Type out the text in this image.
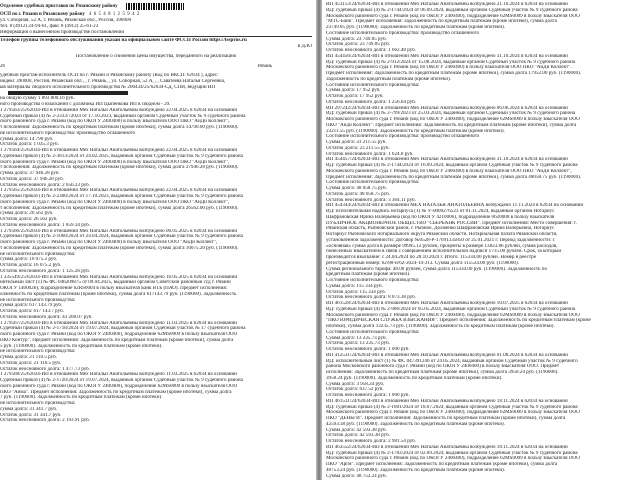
Отделение судебных приставов по Рязанскому району
ОСП по г. Рязани и Рязанскому району 4 6 5 4 8 1 2 5 9 4 2

ул. Соборная, 52 А, г. Рязань, Рязанская обл., Россия, 390000

тел. 8 (4912) 24-94-61, факс 8 (4912) 25-61-23

Информация о вынесенном производстве постановлении

Телефон группы телефонного обслуживания указан на официальном сайте ФССП России https://fssprus.ru

в ДЛО

Постановление о снижении цены имущества, переданного на реализацию

26	Рязань

удебный пристав-исполнитель ОСП по г. Рязани и Рязанскому району (Код по ВКСП: 62034 ), адрес:

индекс 390000, Россия, Рязанская обл., , г. Рязань, , ул. Соборная, 52 А, , , Саватеева Наталья Сергеевна,

ыв материалы сводного исполнительного производства № 200434/25/62034-СД, СПИ, ведущий ИП

на общую сумму 1 893 800.16 руб.

ного производства о взыскании с должника ИП Цыпенкова ИП в сводном - 29.

1 279563/25/62034-ИП в отношении Мех Натальи Анатольевны возбуждено 22.04.2025 в 62034 на основании

Судебный приказ (4) № 2-2333/72024 от 17.10.2023, выданный органом Судебный участок № 9 судебного района

ского районного суда г. Рязани (код по ОКОГУ 2400400) в пользу взыскателя ООО ПКО "АйДи Коллект",

т исполнения: Задолженность по кредитным платежам (кроме ипотеки), сумма долга 14790.00 руб. (1190000).

ие исполнительного производства: производство оглашенного

сумма долга: 14 790 руб.

Остаток долга: 1 035.3 руб.

1 279564/25/62034-ИП в отношении Мех Натальи Анатольевны возбуждено 22.04.2025 в 62034 на основании

Судебный приказ (4) № 2-3813/2024 от 24.02.2025, выданный органом Судебный участок № 9 судебного района

ского районного суда г. Рязани (код по ОКОГУ 2400400) в пользу взыскателя ООО ПКО "АйДи Коллект",

т исполнения: Задолженность по кредитным платежам (кроме ипотеки), сумма долга 37946.28 руб. (1190000).

сумма долга: 37 946.28 руб.

Остаток долга: 37 946.28 руб.

Остаток неосновного долга: 2 656.23 руб.

1 279565/25/62034-ИП в отношении Мех Натальи Анатольевны возбуждено 22.04.2025 в 62034 на основании

Судебный приказ (4) № 2-2300/2024 от 17.10.2023, выданный органом Судебный участок № 9 судебного района

ского районного суда г. Рязани (код по ОКОГУ 2400400) в пользу взыскателя ООО ПКО "АйДи Коллект",

т исполнения: Задолженность по кредитным платежам (кроме ипотеки), сумма долга 26562.00 руб. (1190000).

сумма долга: 26 562 руб.

Остаток долга: 26 562 руб.

Остаток неосновного долга: 1 859.34 руб.

1 279566/25/62034-ИП в отношении Мех Натальи Анатольевны возбуждено 06.05.2025 в 62034 на основании

Судебный приказ (4) № 2-1060/2024 от 24.04.2024, выданный органом Судебный участок № 9 судебного района

ского районного суда г. Рязани (код по ОКОГУ 2400400) в пользу взыскателя ООО "АйДи Коллект",

т исполнения: Задолженность по кредитным платежам (кроме ипотеки), сумма долга 16075.20 руб. (1190000).

ие исполнительного производства:

сумма долга: 16 075.2 руб.

Остаток долга: 16 075.2 руб.

Остаток неосновного долга: 1 125.26 руб.

1 335549/25/62034-ИП в отношении Мех Натальи Анатольевны возбуждено 16.05.2025 в 62034 на основании

нительный лист (1) № ФС 046209875 от 09.04.2025, выданный органом Советский районный суд г. Рязани

ОКОГУ 1400026), подразделение 62RS0004 в пользу взыскателя Банк ВТБ (ПАО). Предмет исполнения:

олженность по кредитным платежам (кроме ипотеки), сумма долга 617143.79 руб. (1190000). Задолженность

ие исполнительного производства:

сумма долга: 617 143.79 руб.

Остаток долга: 617 143.7 руб.

Остаток неосновного долга: 43 200.07 руб.

1 279567/25/62034-ИП в отношении Мех Натальи Анатольевны возбуждено 11.03.2025 в 62034 на основании

Судебный приказ (4) № 2-1718/2024 от 19.07.2024, выданный органом Судебный участок № 17 судебного района

ского районного суда г. Рязани (код по ОКОГУ 2400400), подразделение 62MS0009 в пользу взыскателя ООО

ПКО Контур". Предмет исполнения: Задолженность по кредитным платежам (кроме ипотеки), сумма долга

5 руб. (1190000). Задолженность по кредитным платежам (кроме ипотеки).

ие исполнительного производства:

сумма долга: 21 110.5 руб.

Остаток долга: 21 110.5 руб.

Остаток неосновного долга: 1 477.73 руб.

1 279568/25/62034-ИП в отношении Мех Натальи Анатольевны возбуждено 11.03.2025 в 62034 на основании

Судебный приказ (4) № 2-1720/2024 от 19.07.2024, выданный органом Судебный участок № 9 судебного района

ского районного суда г. Рязани (код по ОКОГУ 2400400), подразделение 62MS0009 в пользу взыскателя ООО

ПКО "Айма". Предмет исполнения: Задолженность по кредитным платежам (кроме ипотеки), сумма долга

7 руб. (1190000). Задолженность по кредитным платежам (кроме ипотеки).

ие исполнительного производства:

сумма долга: 31 341.7 руб.

Остаток долга: 31 341.7 руб.

Остаток неосновного долга: 2 193.91 руб.

ИП 453153/24/62034-ИП в отношении Мех Натальи Анатольевны возбуждено 21.10.2024 в 62034 на основании

ИД: судебный приказ (4) № 2-1744/2024 от 06.09.2024, выданный органом Судебный участок № 9 судебного района

Московского районного суда г. Рязани (код по ОКОГУ 2400400), подразделение 62MS0009 в пользу взыскателя ООО

"МТС-Банк". Предмет исполнения: Задолженность по кредитным платежам (кроме ипотеки), сумма долга

23749.85 руб. (1190000). Задолженность по кредитным платежам (кроме ипотеки).

Состояние исполнительного производства: производство оглашенного

Сумма долга: 23 749.85 руб.

Остаток долга: 23 749.85 руб.

Остаток неосновного долга: 1 662.48 руб.

ИП 454456/24/62034-ИП в отношении Мех Натальи Анатольевны возбуждено 31.10.2024 в 62034 на основании

ИД: судебный приказ (4) № 2-912/2024 от 15.08.2024, выданный органом Судебный участок № 9 судебного района

Московского районного суда г. Рязани (код по ОКОГУ 2400400) в пользу взыскателя ООО ПКО "АйДи Коллект".

Предмет исполнения: Задолженность по кредитным платежам (кроме ипотеки), сумма долга 17952.00 руб. (1190000).

Задолженность по кредитным платежам (кроме ипотеки).

Состояние исполнительного производства:

Сумма долга: 17 952 руб.

Остаток долга: 17 952 руб.

Остаток неосновного долга: 1 256.64 руб.

ИП 297242/24/62034-ИП в отношении Мех Натальи Анатольевны возбуждено 06.06.2024 в 62034 на основании

ИД: судебный приказ (4) № 2-799/2023 от 25.03.2024, выданный органом Судебный участок № 9 судебного района

Московского районного суда г. Рязани (код по ОКОГУ 2400400), подразделение 62MS0009 в пользу взыскателя ООО

ПКО "Айди Коллект". Предмет исполнения: Задолженность по кредитным платежам (кроме ипотеки), сумма долга

23211.55 руб. (1190000). Задолженность по кредитным платежам (кроме ипотеки).

Состояние исполнительного производства: производство оглашенного

Сумма долга: 23 211.55 руб.

Остаток долга: 23 211.55 руб.

Остаток неосновного долга: 1 624.8 руб.

ИП 454457/24/62034-ИП в отношении Мех Натальи Анатольевны возбуждено 31.10.2024 в 62034 на основании

ИД: судебный приказ (4) № 2-1744/2024 от 16.09.2024, выданный органом Судебный участок № 9 судебного района

Московского районного суда г. Рязани (код по ОКОГУ 2400400) в пользу взыскателя ООО ПКО "АйДи Коллект",

Предмет исполнения: Задолженность по кредитным платежам (кроме ипотеки), сумма долга 48058.75 руб. (1190000).

Состояние исполнительного производства:

Сумма долга: 48 058.75 руб.

Остаток долга: 48 058.75 руб.

Остаток неосновного долга: 3 364.11 руб.

ИП 454344/24/62034-ИП в отношении МЕХ НАТАЛЬЯ АНАТОЛЬЕВНА возбуждено 11.11.2024 в 62034 на основании

ИД: исполнительная надпись нотариуса (1) № У-0000276523 от 01.11.2024, выданный органом Нотариус

Шафрановская Ирина Валерьевна (код по ОКОГУ 4210006), подразделение 0620008 в пользу взыскателя

ПУБЛИЧНОЕ АКЦИОНЕРНОЕ ОБЩЕСТВО "СБЕРБАНК РОССИИ". Предмет исполнения: Место совершения: г.

Рязанская область, Рыбновский район, г. Рыбное, Долженко Шафрановская Ирина Валерьевна, Нотариус

Нотариус Рыбновского нотариального округа Рязанской области. Нотариальная палата Рязанской области,

установленной задолженности: Договор №0528-Р-17691335850 от 25.01.2021 г. Период задолженности: с

«основная» сумма долга в размере 99995.12 рублей, проценты в размере 13823.86 рублей, сумма расходов,

понесённых взыскателем в связи с совершением исполнительной надписи 1715.00 рублей. Срок, за который

производится взыскание: с 24.04.2024 по 28.10.2024 г. Итого: 115334.00 рублей. Номер в реестре

регистрационный номер: 62/80-н/62-2024-14-313. Сумма долга 115534.00 руб. (1190000).

Сумма регионального тарифа: 48.00 рублей, сумма долга 115334.00 руб. (1190000). Задолженность по

кредитным платежам (кроме ипотеки).

Состояние исполнительного производства:

Сумма долга: 115 334 руб.

Остаток долга: 115 334 руб.

Остаток неосновного долга: 8 073.38 руб.

ИП 461528/24/62034-ИП в отношении Мех Натальи Анатольевны возбуждено 10.07.2025 в 62034 на основании

ИД: судебный приказ (4) № 2-906/2024 от 05.05.2024, выданный органом Судебный участок № 9 судебного района

Московского районного суда г. Рязани (код по ОКОГУ 2400400), подразделение 62MS0009 в пользу взыскателя ООО

"ПКО ЮРИДИЧЕСКАЯ СЛУЖБА ВЗЫСКАНИЯ". Предмет исполнения: Задолженность по кредитным платежам (кроме

ипотеки), сумма долга 13235.73 руб. (1190000). Задолженность по кредитным платежам (кроме ипотеки).

Состояние исполнительного производства:

Сумма долга: 13 235.73 руб.

Остаток долга: 13 235.73 руб.

Остаток неосновного долга: 1 000 руб.

ИП 412531/24/62034-ИП в отношении Мех Натальи Анатольевны возбуждено 01.08.2024 в 62034 на основании

ИД: исполнительный лист (1) № ФС 047391246 от 24.05.2024, выданный органом Судебный участок № 9 судебного

района Московского районного суда г. Рязани (код по ОКОГУ 2400400) в пользу взыскателя ООО. Предмет

исполнения: Задолженность по кредитным платежам (кроме ипотеки), сумма долга 3958.24 руб. (1190000).

3958.24 руб. (1190000). Задолженность по кредитным платежам (кроме ипотеки).

Сумма долга: 3 958.24 руб.

Остаток долга: 637.52 руб.

Остаток неосновного долга: 1 000 руб.

ИП 461531/24/62034-ИП в отношении Мех Натальи Анатольевны возбуждено 18.11.2024 в 62034 на основании

ИД: судебный приказ (4) № 2-1681/2024 от 18.07.2024, выданный органом Судебный участок № 9 судебного района

Московского районного суда г. Рязани (код по ОКОГУ 2400400), подразделение 62MS0009 в пользу взыскателя ООО

ПКО "ДЕНЬГИ". Предмет исполнения: Задолженность по кредитным платежам (кроме ипотеки), сумма долга

42593.38 руб. (1190000). Задолженность по кредитным платежам (кроме ипотеки).

Сумма долга: 42 593.38 руб.

Остаток долга: 42 593.38 руб.

Остаток неосновного долга: 2 981.54 руб.

ИП 463552/24/62034-ИП в отношении Мех Натальи Анатольевны возбуждено 18.11.2024 в 62034 на основании

ИД: судебный приказ (4) № 2-1783/2024 от 02.09.2024, выданный органом Судебный участок № 9 судебного района

Московского районного суда г. Рязани (код по ОКОГУ 2400400), подразделение 62MS0009 в пользу взыскателя ООО

ПКО "Аргм". Предмет исполнения: Задолженность по кредитным платежам (кроме ипотеки), сумма долга

48753.24 руб. (1190000). Задолженность по кредитным платежам (кроме ипотеки).

Сумма долга: 48 753.24 руб.
